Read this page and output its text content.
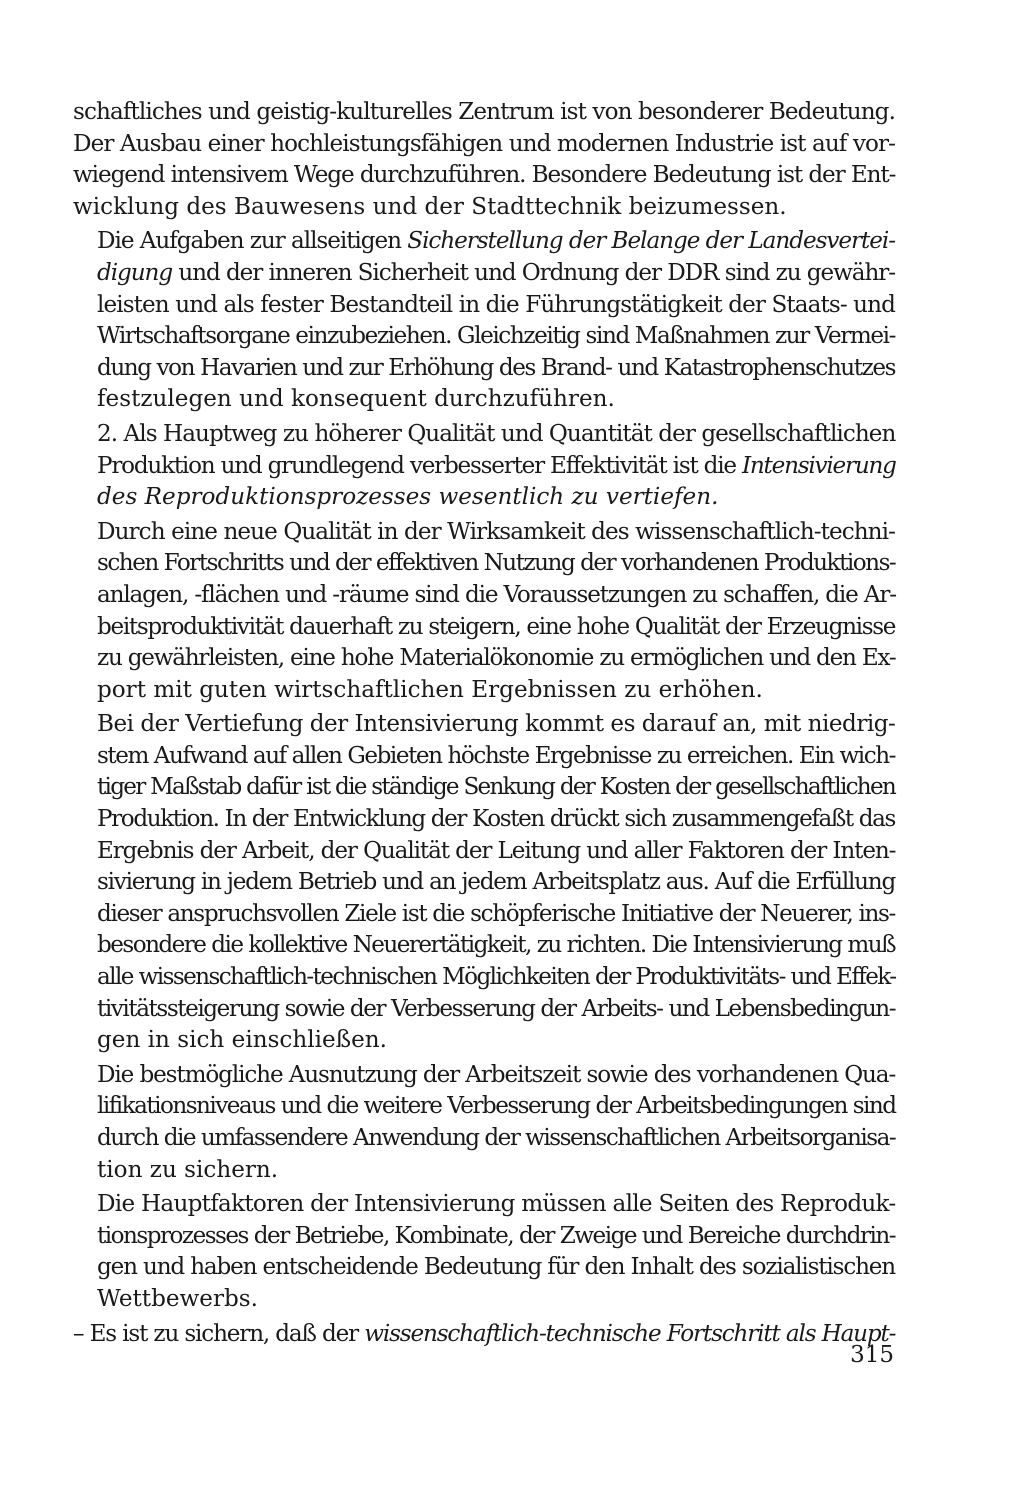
schaftliches und geistig-kulturelles Zentrum ist von besonderer Bedeutung.
Der Ausbau einer hochleistungsfähigen und modernen Industrie ist auf vor-
wiegend intensivem Wege durchzuführen. Besondere Bedeutung ist der Ent-
wicklung des Bauwesens und der Stadttechnik beizumessen.

Die Aufgaben zur allseitigen Sicherstellung der Belange der Landesvertei-
digung und der inneren Sicherheit und Ordnung der DDR sind zu gewähr-
leisten und als fester Bestandteil in die Führungstätigkeit der Staats- und
Wirtschaftsorgane einzubeziehen. Gleichzeitig sind Maßnahmen zur Vermei-
dung von Havarien und zur Erhöhung des Brand- und Katastrophenschutzes
festzulegen und konsequent durchzuführen.

2. Als Hauptweg zu höherer Qualität und Quantität der gesellschaftlichen
Produktion und grundlegend verbesserter Effektivität ist die Intensivierung
des Reproduktionsprozesses wesentlich zu vertiefen.

Durch eine neue Qualität in der Wirksamkeit des wissenschaftlich-techni-
schen Fortschritts und der effektiven Nutzung der vorhandenen Produktions-
anlagen, -flächen und -räume sind die Voraussetzungen zu schaffen, die Ar-
beitsproduktivität dauerhaft zu steigern, eine hohe Qualität der Erzeugnisse
zu gewährleisten, eine hohe Materialökonomie zu ermöglichen und den Ex-
port mit guten wirtschaftlichen Ergebnissen zu erhöhen.

Bei der Vertiefung der Intensivierung kommt es darauf an, mit niedrig-
stem Aufwand auf allen Gebieten höchste Ergebnisse zu erreichen. Ein wich-
tiger Maßstab dafür ist die ständige Senkung der Kosten der gesellschaftlichen
Produktion. In der Entwicklung der Kosten drückt sich zusammengefaßt das
Ergebnis der Arbeit, der Qualität der Leitung und aller Faktoren der Inten-
sivierung in jedem Betrieb und an jedem Arbeitsplatz aus. Auf die Erfüllung
dieser anspruchsvollen Ziele ist die schöpferische Initiative der Neuerer, ins-
besondere die kollektive Neuerertätigkeit, zu richten. Die Intensivierung muß
alle wissenschaftlich-technischen Möglichkeiten der Produktivitäts- und Effek-
tivitätssteigerung sowie der Verbesserung der Arbeits- und Lebensbedingun-
gen in sich einschließen.

Die bestmögliche Ausnutzung der Arbeitszeit sowie des vorhandenen Qua-
lifikationsniveaus und die weitere Verbesserung der Arbeitsbedingungen sind
durch die umfassendere Anwendung der wissenschaftlichen Arbeitsorganisa-
tion zu sichern.

Die Hauptfaktoren der Intensivierung müssen alle Seiten des Reproduk-
tionsprozesses der Betriebe, Kombinate, der Zweige und Bereiche durchdrin-
gen und haben entscheidende Bedeutung für den Inhalt des sozialistischen
Wettbewerbs.

– Es ist zu sichern, daß der wissenschaftlich-technische Fortschritt als Haupt-

315
